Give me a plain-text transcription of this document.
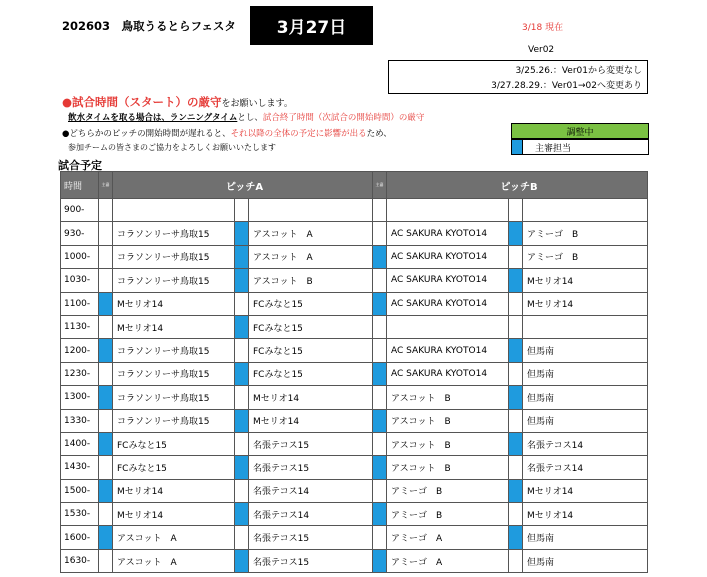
202603　鳥取うるとらフェスタ	3月27日	3/18 現在
Ver02
3/25.26.：Ver01から変更なし
3/27.28.29.：Ver01→02へ変更あり
●試合時間（スタート）の厳守をお願いします。
飲水タイムを取る場合は、ランニングタイムとし、試合終了時間（次試合の開始時間）の厳守
●どちらかのピッチの開始時間が遅れると、それ以降の全体の予定に影響が出るため、
参加チームの皆さまのご協力をよろしくお願いいたします
調整中
主審担当
試合予定
時間	主審	ピッチA			主審	ピッチB		
900-								
930-		コラソンリーサ鳥取15		アスコット　A		AC SAKURA KYOTO14		アミーゴ　B
1000-		コラソンリーサ鳥取15		アスコット　A		AC SAKURA KYOTO14		アミーゴ　B
1030-		コラソンリーサ鳥取15		アスコット　B		AC SAKURA KYOTO14		Mセリオ14
1100-		Mセリオ14		FCみなと15		AC SAKURA KYOTO14		Mセリオ14
1130-		Mセリオ14		FCみなと15				
1200-		コラソンリーサ鳥取15		FCみなと15		AC SAKURA KYOTO14		但馬南
1230-		コラソンリーサ鳥取15		FCみなと15		AC SAKURA KYOTO14		但馬南
1300-		コラソンリーサ鳥取15		Mセリオ14		アスコット　B		但馬南
1330-		コラソンリーサ鳥取15		Mセリオ14		アスコット　B		但馬南
1400-		FCみなと15		名張テコス15		アスコット　B		名張テコス14
1430-		FCみなと15		名張テコス15		アスコット　B		名張テコス14
1500-		Mセリオ14		名張テコス14		アミーゴ　B		Mセリオ14
1530-		Mセリオ14		名張テコス14		アミーゴ　B		Mセリオ14
1600-		アスコット　A		名張テコス15		アミーゴ　A		但馬南
1630-		アスコット　A		名張テコス15		アミーゴ　A		但馬南
